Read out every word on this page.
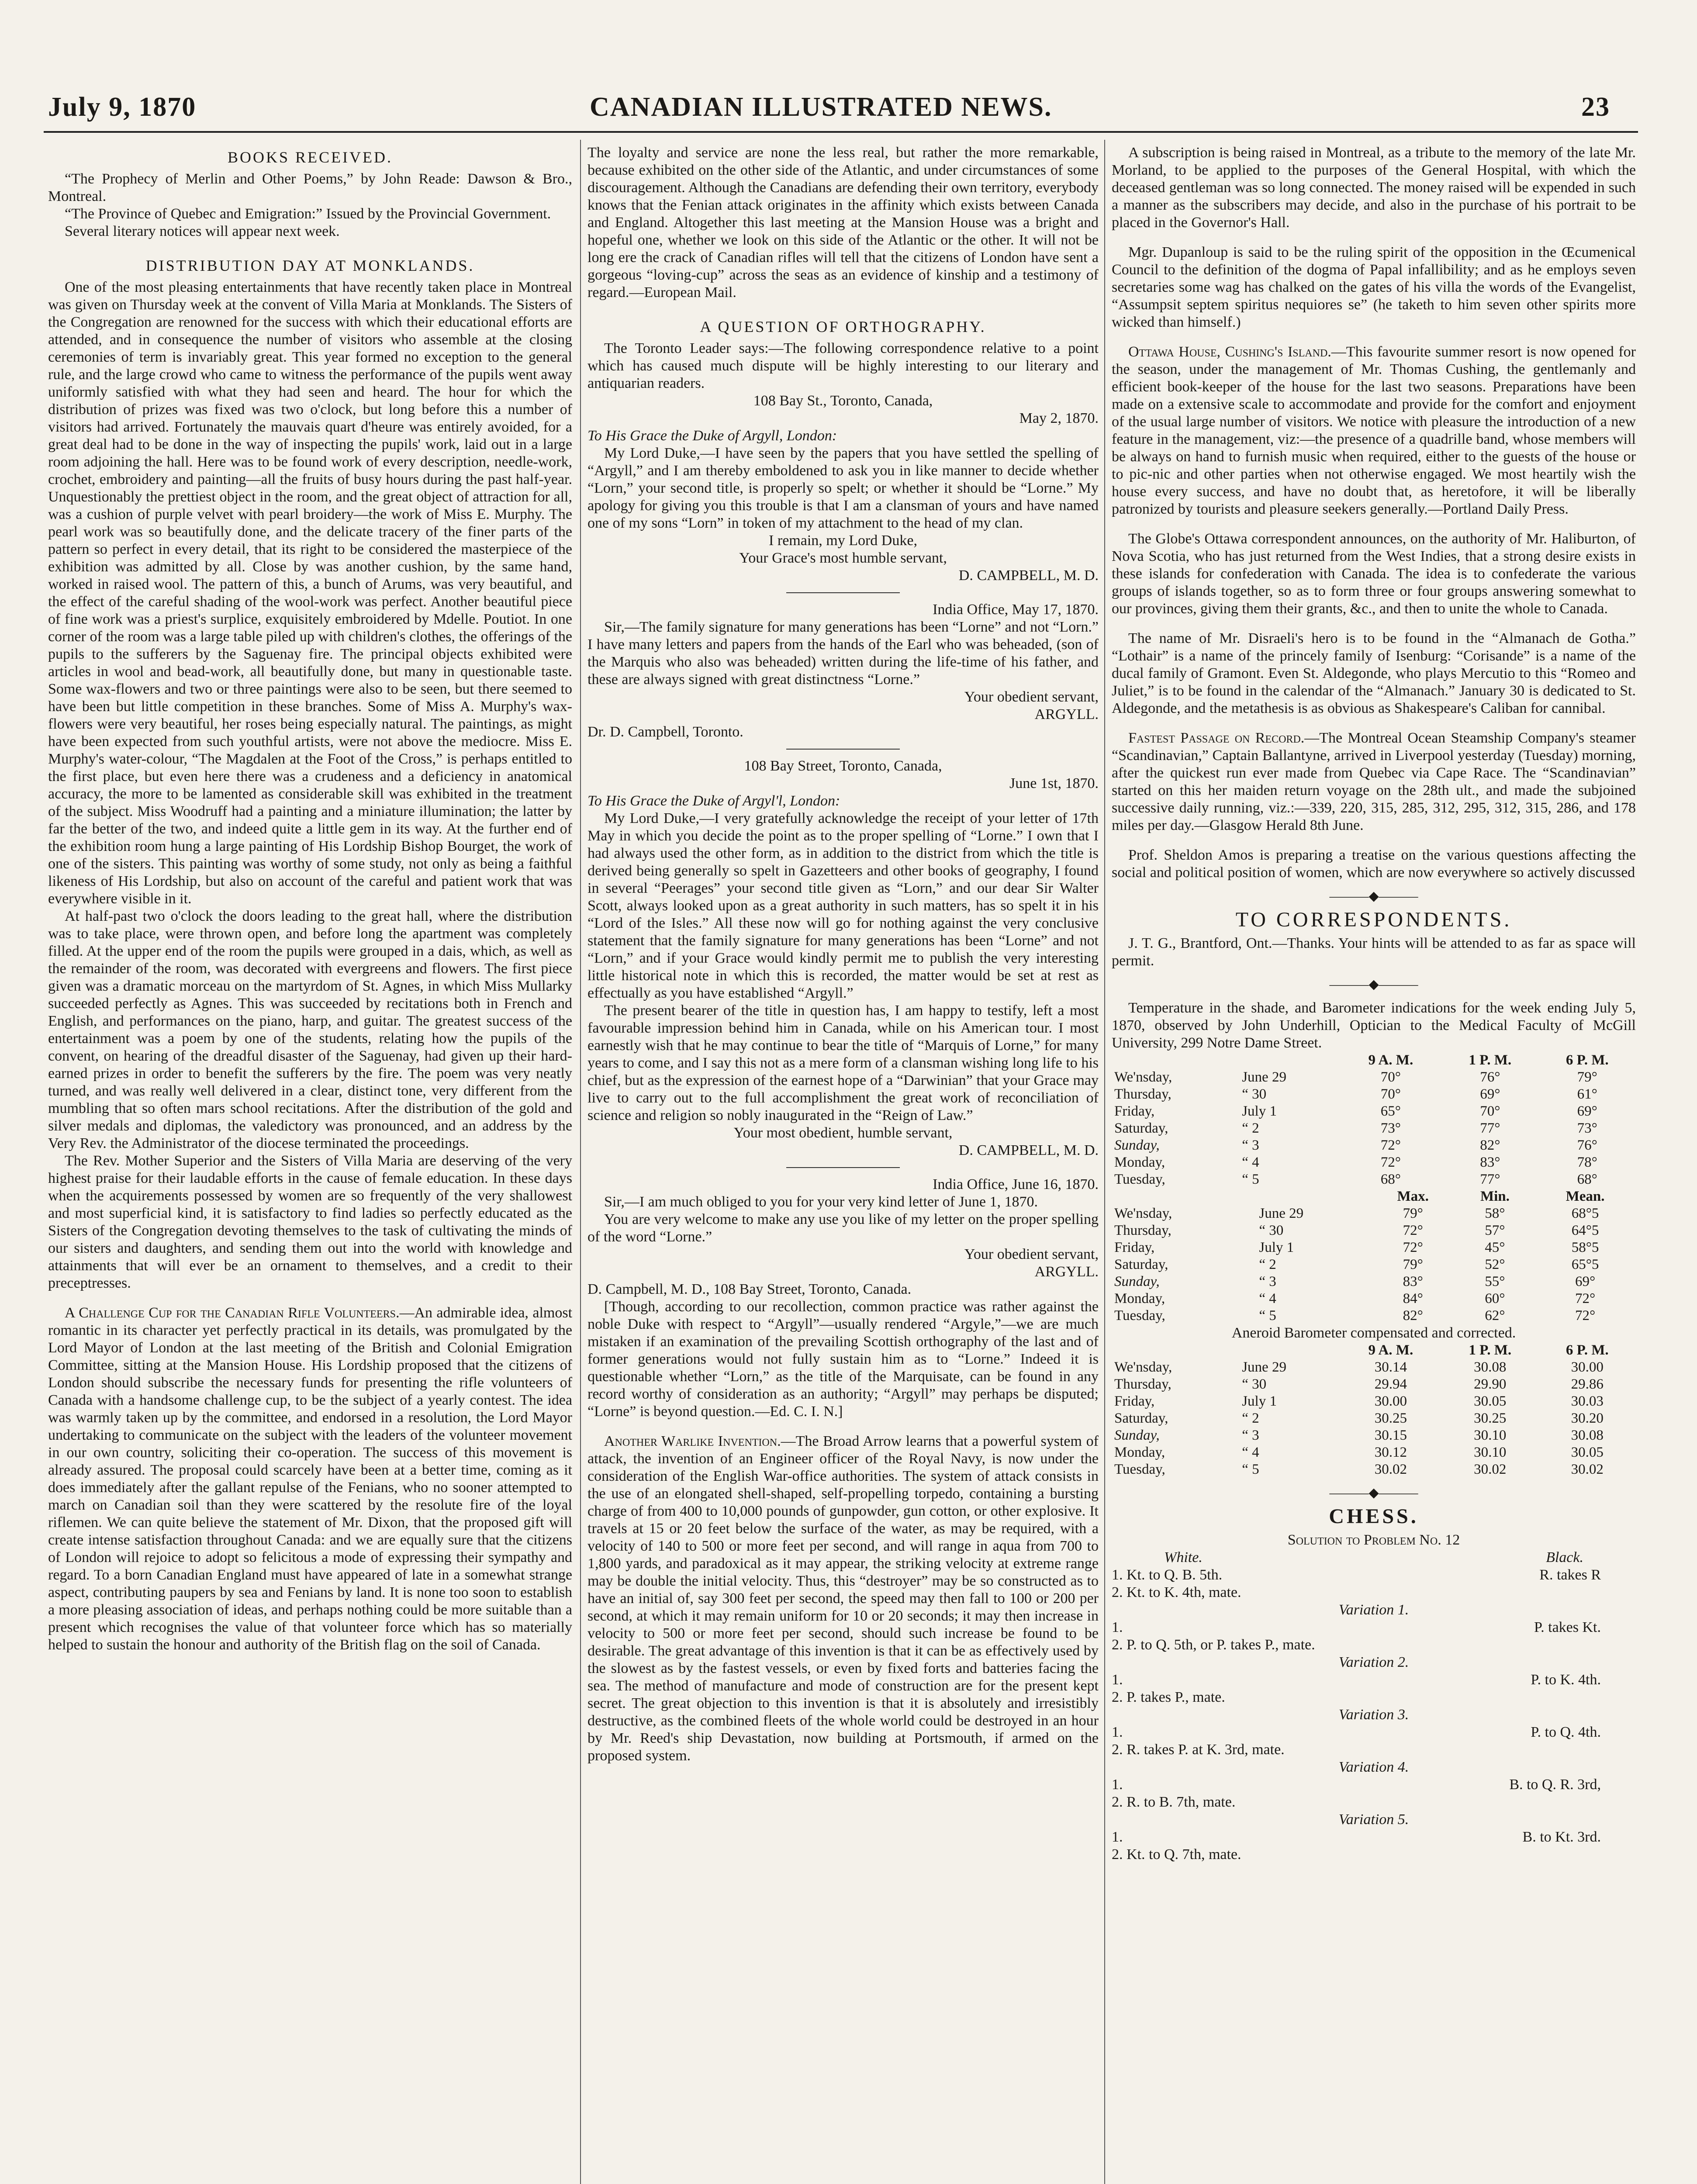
July 9, 1870	CANADIAN ILLUSTRATED NEWS.	23
BOOKS RECEIVED.

“The Prophecy of Merlin and Other Poems,” by John Reade: Dawson & Bro., Montreal.

“The Province of Quebec and Emigration:” Issued by the Provincial Government.

Several literary notices will appear next week.

DISTRIBUTION DAY AT MONKLANDS.

One of the most pleasing entertainments that have recently taken place in Montreal was given on Thursday week at the convent of Villa Maria at Monklands. The Sisters of the Congregation are renowned for the success with which their educational efforts are attended, and in consequence the number of visitors who assemble at the closing ceremonies of term is invariably great. This year formed no exception to the general rule, and the large crowd who came to witness the performance of the pupils went away uniformly satisfied with what they had seen and heard. The hour for which the distribution of prizes was fixed was two o'clock, but long before this a number of visitors had arrived. Fortunately the mauvais quart d'heure was entirely avoided, for a great deal had to be done in the way of inspecting the pupils' work, laid out in a large room adjoining the hall. Here was to be found work of every description, needle-work, crochet, embroidery and painting—all the fruits of busy hours during the past half-year. Unquestionably the prettiest object in the room, and the great object of attraction for all, was a cushion of purple velvet with pearl broidery—the work of Miss E. Murphy. The pearl work was so beautifully done, and the delicate tracery of the finer parts of the pattern so perfect in every detail, that its right to be considered the masterpiece of the exhibition was admitted by all. Close by was another cushion, by the same hand, worked in raised wool. The pattern of this, a bunch of Arums, was very beautiful, and the effect of the careful shading of the wool-work was perfect. Another beautiful piece of fine work was a priest's surplice, exquisitely embroidered by Mdelle. Poutiot. In one corner of the room was a large table piled up with children's clothes, the offerings of the pupils to the sufferers by the Saguenay fire. The principal objects exhibited were articles in wool and bead-work, all beautifully done, but many in questionable taste. Some wax-flowers and two or three paintings were also to be seen, but there seemed to have been but little competition in these branches. Some of Miss A. Murphy's wax-flowers were very beautiful, her roses being especially natural. The paintings, as might have been expected from such youthful artists, were not above the mediocre. Miss E. Murphy's water-colour, “The Magdalen at the Foot of the Cross,” is perhaps entitled to the first place, but even here there was a crudeness and a deficiency in anatomical accuracy, the more to be lamented as considerable skill was exhibited in the treatment of the subject. Miss Woodruff had a painting and a miniature illumination; the latter by far the better of the two, and indeed quite a little gem in its way. At the further end of the exhibition room hung a large painting of His Lordship Bishop Bourget, the work of one of the sisters. This painting was worthy of some study, not only as being a faithful likeness of His Lordship, but also on account of the careful and patient work that was everywhere visible in it.

At half-past two o'clock the doors leading to the great hall, where the distribution was to take place, were thrown open, and before long the apartment was completely filled. At the upper end of the room the pupils were grouped in a dais, which, as well as the remainder of the room, was decorated with evergreens and flowers. The first piece given was a dramatic morceau on the martyrdom of St. Agnes, in which Miss Mullarky succeeded perfectly as Agnes. This was succeeded by recitations both in French and English, and performances on the piano, harp, and guitar. The greatest success of the entertainment was a poem by one of the students, relating how the pupils of the convent, on hearing of the dreadful disaster of the Saguenay, had given up their hard-earned prizes in order to benefit the sufferers by the fire. The poem was very neatly turned, and was really well delivered in a clear, distinct tone, very different from the mumbling that so often mars school recitations. After the distribution of the gold and silver medals and diplomas, the valedictory was pronounced, and an address by the Very Rev. the Administrator of the diocese terminated the proceedings.

The Rev. Mother Superior and the Sisters of Villa Maria are deserving of the very highest praise for their laudable efforts in the cause of female education. In these days when the acquirements possessed by women are so frequently of the very shallowest and most superficial kind, it is satisfactory to find ladies so perfectly educated as the Sisters of the Congregation devoting themselves to the task of cultivating the minds of our sisters and daughters, and sending them out into the world with knowledge and attainments that will ever be an ornament to themselves, and a credit to their preceptresses.

A Challenge Cup for the Canadian Rifle Volunteers.—An admirable idea, almost romantic in its character yet perfectly practical in its details, was promulgated by the Lord Mayor of London at the last meeting of the British and Colonial Emigration Committee, sitting at the Mansion House. His Lordship proposed that the citizens of London should subscribe the necessary funds for presenting the rifle volunteers of Canada with a handsome challenge cup, to be the subject of a yearly contest. The idea was warmly taken up by the committee, and endorsed in a resolution, the Lord Mayor undertaking to communicate on the subject with the leaders of the volunteer movement in our own country, soliciting their co-operation. The success of this movement is already assured. The proposal could scarcely have been at a better time, coming as it does immediately after the gallant repulse of the Fenians, who no sooner attempted to march on Canadian soil than they were scattered by the resolute fire of the loyal riflemen. We can quite believe the statement of Mr. Dixon, that the proposed gift will create intense satisfaction throughout Canada: and we are equally sure that the citizens of London will rejoice to adopt so felicitous a mode of expressing their sympathy and regard. To a born Canadian England must have appeared of late in a somewhat strange aspect, contributing paupers by sea and Fenians by land. It is none too soon to establish a more pleasing association of ideas, and perhaps nothing could be more suitable than a present which recognises the value of that volunteer force which has so materially helped to sustain the honour and authority of the British flag on the soil of Canada.

The loyalty and service are none the less real, but rather the more remarkable, because exhibited on the other side of the Atlantic, and under circumstances of some discouragement. Although the Canadians are defending their own territory, everybody knows that the Fenian attack originates in the affinity which exists between Canada and England. Altogether this last meeting at the Mansion House was a bright and hopeful one, whether we look on this side of the Atlantic or the other. It will not be long ere the crack of Canadian rifles will tell that the citizens of London have sent a gorgeous “loving-cup” across the seas as an evidence of kinship and a testimony of regard.—European Mail.

A QUESTION OF ORTHOGRAPHY.

The Toronto Leader says:—The following correspondence relative to a point which has caused much dispute will be highly interesting to our literary and antiquarian readers.

108 Bay St., Toronto, Canada,

May 2, 1870.

To His Grace the Duke of Argyll, London:

My Lord Duke,—I have seen by the papers that you have settled the spelling of “Argyll,” and I am thereby emboldened to ask you in like manner to decide whether “Lorn,” your second title, is properly so spelt; or whether it should be “Lorne.” My apology for giving you this trouble is that I am a clansman of yours and have named one of my sons “Lorn” in token of my attachment to the head of my clan.

I remain, my Lord Duke,

Your Grace's most humble servant,

D. CAMPBELL, M. D.

India Office, May 17, 1870.

Sir,—The family signature for many generations has been “Lorne” and not “Lorn.” I have many letters and papers from the hands of the Earl who was beheaded, (son of the Marquis who also was beheaded) written during the life-time of his father, and these are always signed with great distinctness “Lorne.”

Your obedient servant,

ARGYLL.

Dr. D. Campbell, Toronto.

108 Bay Street, Toronto, Canada,

June 1st, 1870.

To His Grace the Duke of Argyl'l, London:

My Lord Duke,—I very gratefully acknowledge the receipt of your letter of 17th May in which you decide the point as to the proper spelling of “Lorne.” I own that I had always used the other form, as in addition to the district from which the title is derived being generally so spelt in Gazetteers and other books of geography, I found in several “Peerages” your second title given as “Lorn,” and our dear Sir Walter Scott, always looked upon as a great authority in such matters, has so spelt it in his “Lord of the Isles.” All these now will go for nothing against the very conclusive statement that the family signature for many generations has been “Lorne” and not “Lorn,” and if your Grace would kindly permit me to publish the very interesting little historical note in which this is recorded, the matter would be set at rest as effectually as you have established “Argyll.”

The present bearer of the title in question has, I am happy to testify, left a most favourable impression behind him in Canada, while on his American tour. I most earnestly wish that he may continue to bear the title of “Marquis of Lorne,” for many years to come, and I say this not as a mere form of a clansman wishing long life to his chief, but as the expression of the earnest hope of a “Darwinian” that your Grace may live to carry out to the full accomplishment the great work of reconciliation of science and religion so nobly inaugurated in the “Reign of Law.”

Your most obedient, humble servant,

D. CAMPBELL, M. D.

India Office, June 16, 1870.

Sir,—I am much obliged to you for your very kind letter of June 1, 1870.

You are very welcome to make any use you like of my letter on the proper spelling of the word “Lorne.”

Your obedient servant,

ARGYLL.

D. Campbell, M. D., 108 Bay Street, Toronto, Canada.

[Though, according to our recollection, common practice was rather against the noble Duke with respect to “Argyll”—usually rendered “Argyle,”—we are much mistaken if an examination of the prevailing Scottish orthography of the last and of former generations would not fully sustain him as to “Lorne.” Indeed it is questionable whether “Lorn,” as the title of the Marquisate, can be found in any record worthy of consideration as an authority; “Argyll” may perhaps be disputed; “Lorne” is beyond question.—Ed. C. I. N.]

Another Warlike Invention.—The Broad Arrow learns that a powerful system of attack, the invention of an Engineer officer of the Royal Navy, is now under the consideration of the English War-office authorities. The system of attack consists in the use of an elongated shell-shaped, self-propelling torpedo, containing a bursting charge of from 400 to 10,000 pounds of gunpowder, gun cotton, or other explosive. It travels at 15 or 20 feet below the surface of the water, as may be required, with a velocity of 140 to 500 or more feet per second, and will range in aqua from 700 to 1,800 yards, and paradoxical as it may appear, the striking velocity at extreme range may be double the initial velocity. Thus, this “destroyer” may be so constructed as to have an initial of, say 300 feet per second, the speed may then fall to 100 or 200 per second, at which it may remain uniform for 10 or 20 seconds; it may then increase in velocity to 500 or more feet per second, should such increase be found to be desirable. The great advantage of this invention is that it can be as effectively used by the slowest as by the fastest vessels, or even by fixed forts and batteries facing the sea. The method of manufacture and mode of construction are for the present kept secret. The great objection to this invention is that it is absolutely and irresistibly destructive, as the combined fleets of the whole world could be destroyed in an hour by Mr. Reed's ship Devastation, now building at Portsmouth, if armed on the proposed system.

A subscription is being raised in Montreal, as a tribute to the memory of the late Mr. Morland, to be applied to the purposes of the General Hospital, with which the deceased gentleman was so long connected. The money raised will be expended in such a manner as the subscribers may decide, and also in the purchase of his portrait to be placed in the Governor's Hall.

Mgr. Dupanloup is said to be the ruling spirit of the opposition in the Œcumenical Council to the definition of the dogma of Papal infallibility; and as he employs seven secretaries some wag has chalked on the gates of his villa the words of the Evangelist, “Assumpsit septem spiritus nequiores se” (he taketh to him seven other spirits more wicked than himself.)

Ottawa House, Cushing's Island.—This favourite summer resort is now opened for the season, under the management of Mr. Thomas Cushing, the gentlemanly and efficient book-keeper of the house for the last two seasons. Preparations have been made on a extensive scale to accommodate and provide for the comfort and enjoyment of the usual large number of visitors. We notice with pleasure the introduction of a new feature in the management, viz:—the presence of a quadrille band, whose members will be always on hand to furnish music when required, either to the guests of the house or to pic-nic and other parties when not otherwise engaged. We most heartily wish the house every success, and have no doubt that, as heretofore, it will be liberally patronized by tourists and pleasure seekers generally.—Portland Daily Press.

The Globe's Ottawa correspondent announces, on the authority of Mr. Haliburton, of Nova Scotia, who has just returned from the West Indies, that a strong desire exists in these islands for confederation with Canada. The idea is to confederate the various groups of islands together, so as to form three or four groups answering somewhat to our provinces, giving them their grants, &c., and then to unite the whole to Canada.

The name of Mr. Disraeli's hero is to be found in the “Almanach de Gotha.” “Lothair” is a name of the princely family of Isenburg: “Corisande” is a name of the ducal family of Gramont. Even St. Aldegonde, who plays Mercutio to this “Romeo and Juliet,” is to be found in the calendar of the “Almanach.” January 30 is dedicated to St. Aldegonde, and the metathesis is as obvious as Shakespeare's Caliban for cannibal.

Fastest Passage on Record.—The Montreal Ocean Steamship Company's steamer “Scandinavian,” Captain Ballantyne, arrived in Liverpool yesterday (Tuesday) morning, after the quickest run ever made from Quebec via Cape Race. The “Scandinavian” started on this her maiden return voyage on the 28th ult., and made the subjoined successive daily running, viz.:—339, 220, 315, 285, 312, 295, 312, 315, 286, and 178 miles per day.—Glasgow Herald 8th June.

Prof. Sheldon Amos is preparing a treatise on the various questions affecting the social and political position of women, which are now everywhere so actively discussed

———◆———
TO CORRESPONDENTS.

J. T. G., Brantford, Ont.—Thanks. Your hints will be attended to as far as space will permit.

———◆———

Temperature in the shade, and Barometer indications for the week ending July 5, 1870, observed by John Underhill, Optician to the Medical Faculty of McGill University, 299 Notre Dame Street.

		9 A. M.	1 P. M.	6 P. M.
We'nsday,	June 29	70°	76°	79°
Thursday,	“ 30	70°	69°	61°
Friday,	July 1	65°	70°	69°
Saturday,	“ 2	73°	77°	73°
Sunday,	“ 3	72°	82°	76°
Monday,	“ 4	72°	83°	78°
Tuesday,	“ 5	68°	77°	68°
		Max.	Min.	Mean.
We'nsday,	June 29	79°	58°	68°5
Thursday,	“ 30	72°	57°	64°5
Friday,	July 1	72°	45°	58°5
Saturday,	“ 2	79°	52°	65°5
Sunday,	“ 3	83°	55°	69°
Monday,	“ 4	84°	60°	72°
Tuesday,	“ 5	82°	62°	72°

Aneroid Barometer compensated and corrected.

		9 A. M.	1 P. M.	6 P. M.
We'nsday,	June 29	30.14	30.08	30.00
Thursday,	“ 30	29.94	29.90	29.86
Friday,	July 1	30.00	30.05	30.03
Saturday,	“ 2	30.25	30.25	30.20
Sunday,	“ 3	30.15	30.10	30.08
Monday,	“ 4	30.12	30.10	30.05
Tuesday,	“ 5	30.02	30.02	30.02
———◆———
CHESS.

Solution to Problem No. 12

White.	Black.
1. Kt. to Q. B. 5th.	R. takes R
2. Kt. to K. 4th, mate.
Variation 1.
1.	P. takes Kt.
2. P. to Q. 5th, or P. takes P., mate.
Variation 2.
1.	P. to K. 4th.
2. P. takes P., mate.
Variation 3.
1.	P. to Q. 4th.
2. R. takes P. at K. 3rd, mate.
Variation 4.
1.	B. to Q. R. 3rd,
2. R. to B. 7th, mate.
Variation 5.
1.	B. to Kt. 3rd.
2. Kt. to Q. 7th, mate.
